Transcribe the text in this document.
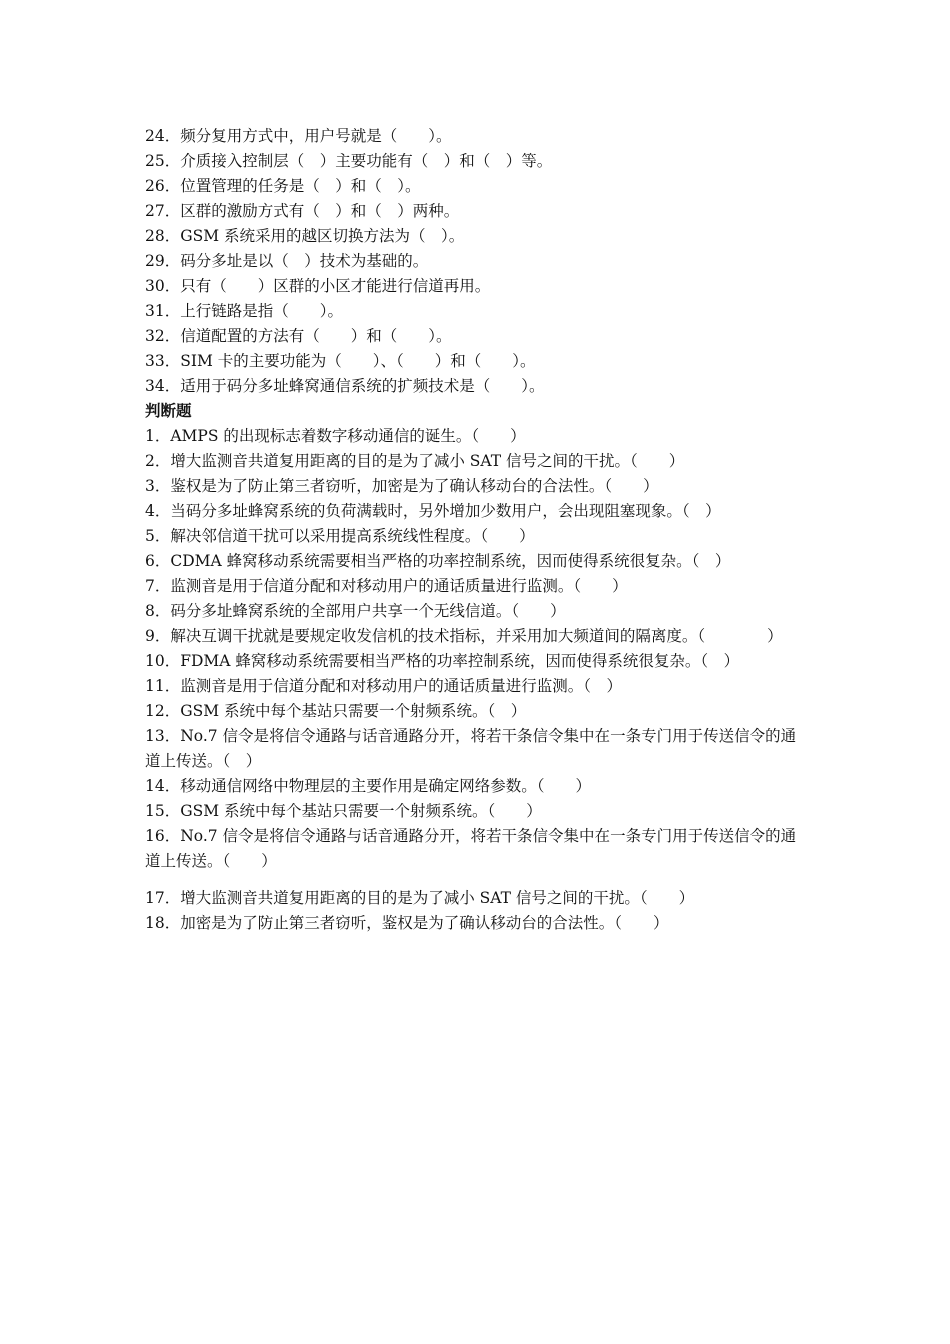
24．频分复用方式中，用户号就是（　　）。
25．介质接入控制层（　）主要功能有（　）和（　）等。
26．位置管理的任务是（　）和（　）。
27．区群的激励方式有（　）和（　）两种。
28．GSM 系统采用的越区切换方法为（　）。
29．码分多址是以（　）技术为基础的。
30．只有（　　）区群的小区才能进行信道再用。
31．上行链路是指（　　）。
32．信道配置的方法有（　　）和（　　）。
33．SIM 卡的主要功能为（　　）、（　　）和（　　）。
34．适用于码分多址蜂窝通信系统的扩频技术是（　　）。
判断题
1．AMPS 的出现标志着数字移动通信的诞生。（　　）
2．增大监测音共道复用距离的目的是为了减小 SAT 信号之间的干扰。（　　）
3．鉴权是为了防止第三者窃听，加密是为了确认移动台的合法性。（　　）
4．当码分多址蜂窝系统的负荷满载时，另外增加少数用户，会出现阻塞现象。（　）
5．解决邻信道干扰可以采用提高系统线性程度。（　　）
6．CDMA 蜂窝移动系统需要相当严格的功率控制系统，因而使得系统很复杂。（　）
7．监测音是用于信道分配和对移动用户的通话质量进行监测。（　　）
8．码分多址蜂窝系统的全部用户共享一个无线信道。（　　）
9．解决互调干扰就是要规定收发信机的技术指标，并采用加大频道间的隔离度。（　　　　）
10．FDMA 蜂窝移动系统需要相当严格的功率控制系统，因而使得系统很复杂。（　）
11．监测音是用于信道分配和对移动用户的通话质量进行监测。（　）
12．GSM 系统中每个基站只需要一个射频系统。（　）
13．No.7 信令是将信令通路与话音通路分开，将若干条信令集中在一条专门用于传送信令的通道上传送。（　）
14．移动通信网络中物理层的主要作用是确定网络参数。（　　）
15．GSM 系统中每个基站只需要一个射频系统。（　　）
16．No.7 信令是将信令通路与话音通路分开，将若干条信令集中在一条专门用于传送信令的通道上传送。（　　）
17．增大监测音共道复用距离的目的是为了减小 SAT 信号之间的干扰。（　　）
18．加密是为了防止第三者窃听，鉴权是为了确认移动台的合法性。（　　）
